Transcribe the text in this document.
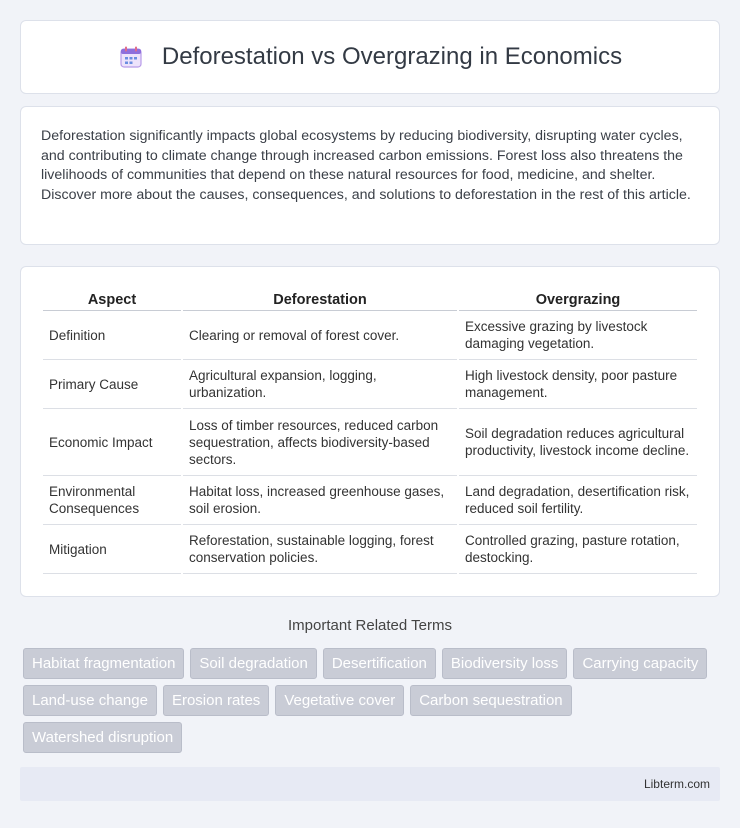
Deforestation vs Overgrazing in Economics

Deforestation significantly impacts global ecosystems by reducing biodiversity, disrupting water cycles, and contributing to climate change through increased carbon emissions. Forest loss also threatens the livelihoods of communities that depend on these natural resources for food, medicine, and shelter. Discover more about the causes, consequences, and solutions to deforestation in the rest of this article.

Aspect	Deforestation	Overgrazing
Definition	Clearing or removal of forest cover.	Excessive grazing by livestock damaging vegetation.
Primary Cause	Agricultural expansion, logging, urbanization.	High livestock density, poor pasture management.
Economic Impact	Loss of timber resources, reduced carbon sequestration, affects biodiversity-based sectors.	Soil degradation reduces agricultural productivity, livestock income decline.
Environmental Consequences	Habitat loss, increased greenhouse gases, soil erosion.	Land degradation, desertification risk, reduced soil fertility.
Mitigation	Reforestation, sustainable logging, forest conservation policies.	Controlled grazing, pasture rotation, destocking.
Important Related Terms
Habitat fragmentation	Soil degradation	Desertification	Biodiversity loss	Carrying capacity
Land-use change	Erosion rates	Vegetative cover	Carbon sequestration
Watershed disruption
Libterm.com
